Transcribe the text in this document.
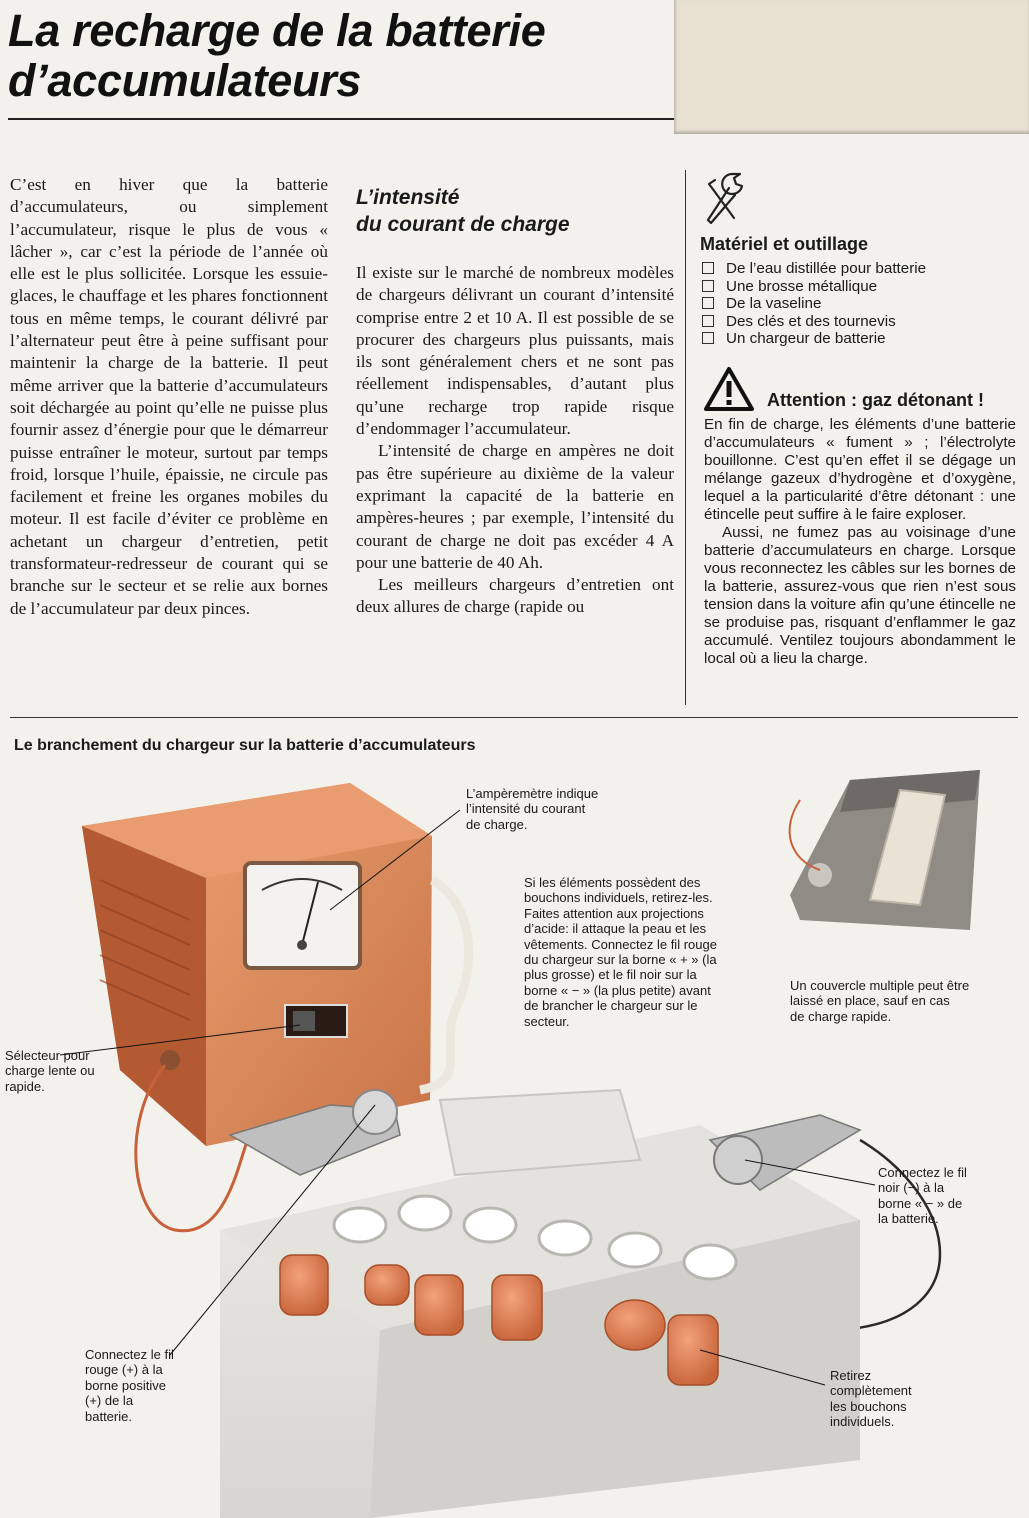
La recharge de la batterie d’accumulateurs

C’est en hiver que la batterie d’accumulateurs, ou simplement l’accumulateur, risque le plus de vous « lâcher », car c’est la période de l’année où elle est le plus sollicitée. Lorsque les essuie-glaces, le chauffage et les phares fonctionnent tous en même temps, le courant délivré par l’alternateur peut être à peine suffisant pour maintenir la charge de la batterie. Il peut même arriver que la batterie d’accumulateurs soit déchargée au point qu’elle ne puisse plus fournir assez d’énergie pour que le démarreur puisse entraîner le moteur, surtout par temps froid, lorsque l’huile, épaissie, ne circule pas facilement et freine les organes mobiles du moteur. Il est facile d’éviter ce problème en achetant un chargeur d’entretien, petit transformateur-redresseur de courant qui se branche sur le secteur et se relie aux bornes de l’accumulateur par deux pinces.

L’intensité
du courant de charge

Il existe sur le marché de nombreux modèles de chargeurs délivrant un courant d’intensité comprise entre 2 et 10 A. Il est possible de se procurer des chargeurs plus puissants, mais ils sont généralement chers et ne sont pas réellement indispensables, d’autant plus qu’une recharge trop rapide risque d’endommager l’accumulateur.

L’intensité de charge en ampères ne doit pas être supérieure au dixième de la valeur exprimant la capacité de la batterie en ampères-heures ; par exemple, l’intensité du courant de charge ne doit pas excéder 4 A pour une batterie de 40 Ah.

Les meilleurs chargeurs d’entretien ont deux allures de charge (rapide ou

Matériel et outillage
De l’eau distillée pour batterie
Une brosse métallique
De la vaseline
Des clés et des tournevis
Un chargeur de batterie
Attention : gaz détonant !

En fin de charge, les éléments d’une batterie d’accumulateurs « fument » ; l’électrolyte bouillonne. C’est qu’en effet il se dégage un mélange gazeux d’hydrogène et d’oxygène, lequel a la particularité d’être détonant : une étincelle peut suffire à le faire exploser.

Aussi, ne fumez pas au voisinage d’une batterie d’accumulateurs en charge. Lorsque vous reconnectez les câbles sur les bornes de la batterie, assurez-vous que rien n’est sous tension dans la voiture afin qu’une étincelle ne se produise pas, risquant d’enflammer le gaz accumulé. Ventilez toujours abondamment le local où a lieu la charge.

Le branchement du chargeur sur la batterie d’accumulateurs
L’ampèremètre indique
l’intensité du courant
de charge.
Si les éléments possèdent des
bouchons individuels, retirez-les.
Faites attention aux projections
d’acide: il attaque la peau et les
vêtements. Connectez le fil rouge
du chargeur sur la borne « + » (la
plus grosse) et le fil noir sur la
borne « − » (la plus petite) avant
de brancher le chargeur sur le
secteur.
Un couvercle multiple peut être
laissé en place, sauf en cas
de charge rapide.
Sélecteur pour
charge lente ou
rapide.
Connectez le fil
noir (−) à la
borne « − » de
la batterie.
Connectez le fil
rouge (+) à la
borne positive
(+) de la
batterie.
Retirez
complètement
les bouchons
individuels.
